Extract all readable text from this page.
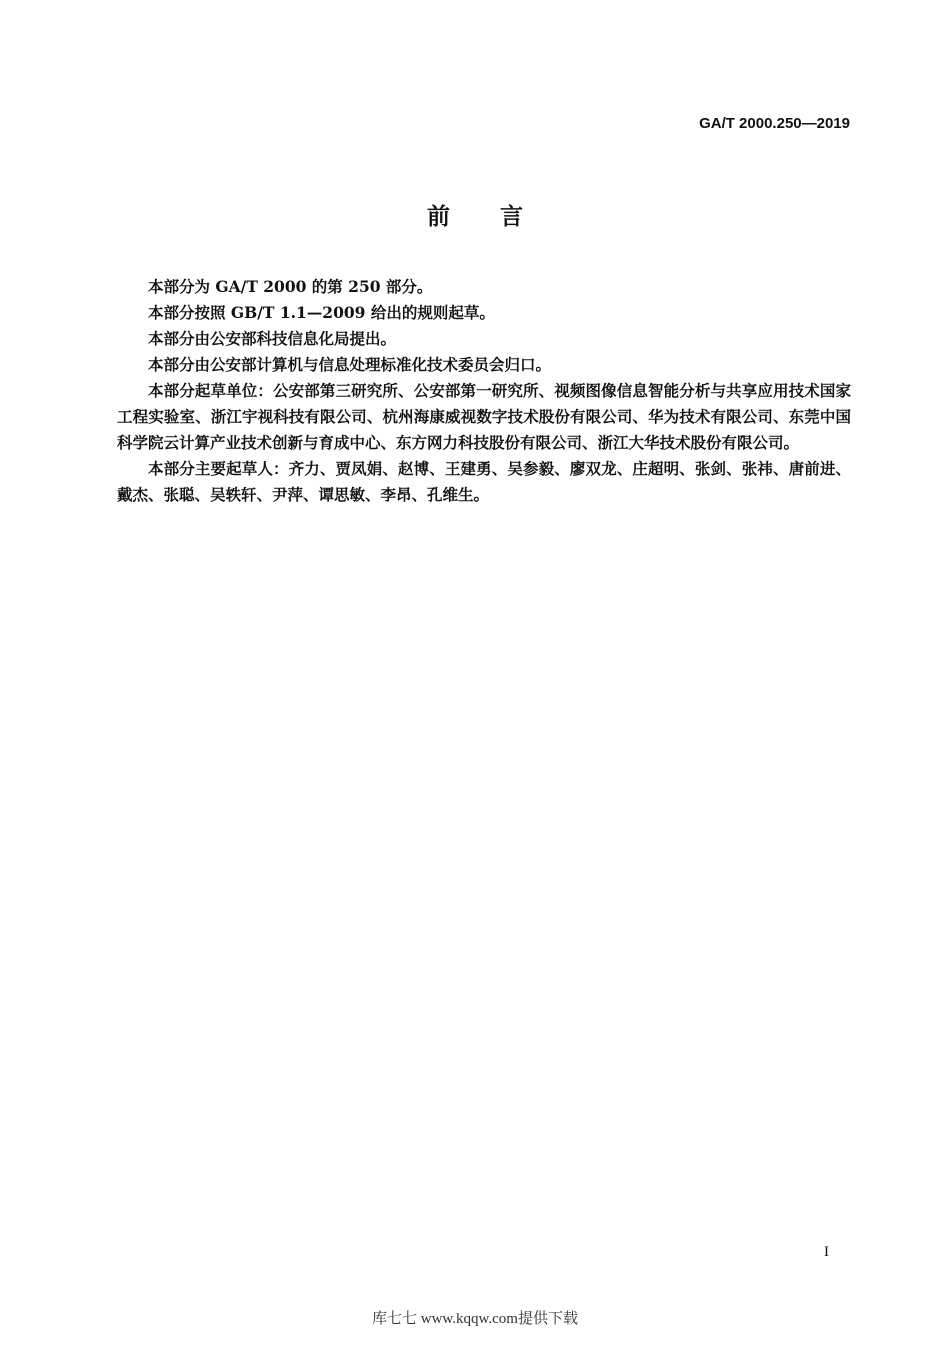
GA/T 2000.250—2019
前言

本部分为 GA/T 2000 的第 250 部分。

本部分按照 GB/T 1.1—2009 给出的规则起草。

本部分由公安部科技信息化局提出。

本部分由公安部计算机与信息处理标准化技术委员会归口。

本部分起草单位：公安部第三研究所、公安部第一研究所、视频图像信息智能分析与共享应用技术国家工程实验室、浙江宇视科技有限公司、杭州海康威视数字技术股份有限公司、华为技术有限公司、东莞中国科学院云计算产业技术创新与育成中心、东方网力科技股份有限公司、浙江大华技术股份有限公司。

本部分主要起草人：齐力、贾凤娟、赵博、王建勇、吴参毅、廖双龙、庄超明、张剑、张祎、唐前进、戴杰、张聪、吴轶轩、尹萍、谭思敏、李昂、孔维生。

I
库七七 www.kqqw.com提供下载
